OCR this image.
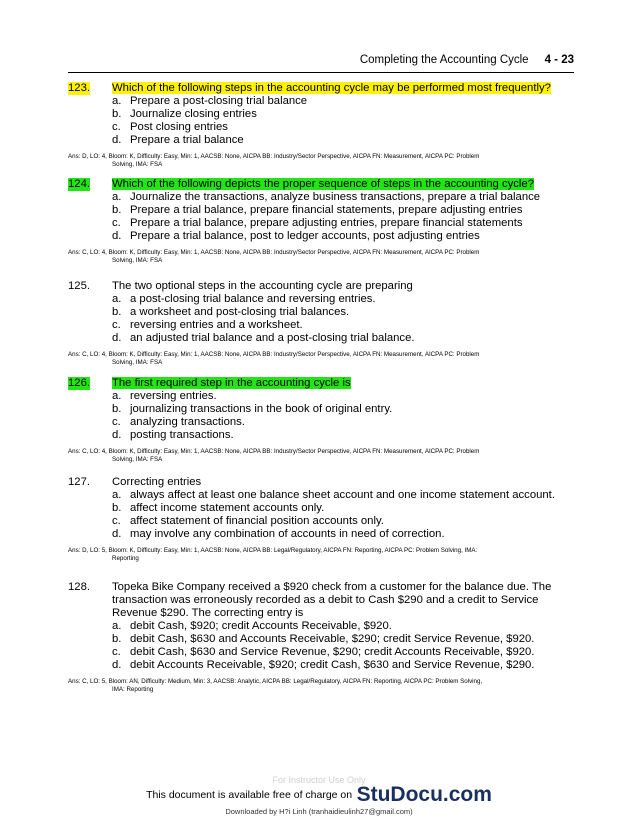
Completing the Accounting Cycle 4 - 23
123. Which of the following steps in the accounting cycle may be performed most frequently?
a. Prepare a post-closing trial balance
b. Journalize closing entries
c. Post closing entries
d. Prepare a trial balance
Ans: D, LO: 4, Bloom: K, Difficulty: Easy, Min: 1, AACSB: None, AICPA BB: Industry/Sector Perspective, AICPA FN: Measurement, AICPA PC: Problem
Solving, IMA: FSA
124. Which of the following depicts the proper sequence of steps in the accounting cycle?
a. Journalize the transactions, analyze business transactions, prepare a trial balance
b. Prepare a trial balance, prepare financial statements, prepare adjusting entries
c. Prepare a trial balance, prepare adjusting entries, prepare financial statements
d. Prepare a trial balance, post to ledger accounts, post adjusting entries
Ans: C, LO: 4, Bloom: K, Difficulty: Easy, Min: 1, AACSB: None, AICPA BB: Industry/Sector Perspective, AICPA FN: Measurement, AICPA PC: Problem
Solving, IMA: FSA
125. The two optional steps in the accounting cycle are preparing
a. a post-closing trial balance and reversing entries.
b. a worksheet and post-closing trial balances.
c. reversing entries and a worksheet.
d. an adjusted trial balance and a post-closing trial balance.
Ans: C, LO: 4, Bloom: K, Difficulty: Easy, Min: 1, AACSB: None, AICPA BB: Industry/Sector Perspective, AICPA FN: Measurement, AICPA PC: Problem
Solving, IMA: FSA
126. The first required step in the accounting cycle is
a. reversing entries.
b. journalizing transactions in the book of original entry.
c. analyzing transactions.
d. posting transactions.
Ans: C, LO: 4, Bloom: K, Difficulty: Easy, Min: 1, AACSB: None, AICPA BB: Industry/Sector Perspective, AICPA FN: Measurement, AICPA PC: Problem
Solving, IMA: FSA
127. Correcting entries
a. always affect at least one balance sheet account and one income statement account.
b. affect income statement accounts only.
c. affect statement of financial position accounts only.
d. may involve any combination of accounts in need of correction.
Ans: D, LO: 5, Bloom: K, Difficulty: Easy, Min: 1, AACSB: None, AICPA BB: Legal/Regulatory, AICPA FN: Reporting, AICPA PC: Problem Solving, IMA:
Reporting
128. Topeka Bike Company received a $920 check from a customer for the balance due. The
transaction was erroneously recorded as a debit to Cash $290 and a credit to Service
Revenue $290. The correcting entry is
a. debit Cash, $920; credit Accounts Receivable, $920.
b. debit Cash, $630 and Accounts Receivable, $290; credit Service Revenue, $920.
c. debit Cash, $630 and Service Revenue, $290; credit Accounts Receivable, $920.
d. debit Accounts Receivable, $920; credit Cash, $630 and Service Revenue, $290.
Ans: C, LO: 5, Bloom: AN, Difficulty: Medium, Min: 3, AACSB: Analytic, AICPA BB: Legal/Regulatory, AICPA FN: Reporting, AICPA PC: Problem Solving,
IMA: Reporting
For Instructor Use Only
This document is available free of charge on StuDocu.com
Downloaded by H?i Linh (tranhaidieulinh27@gmail.com)
